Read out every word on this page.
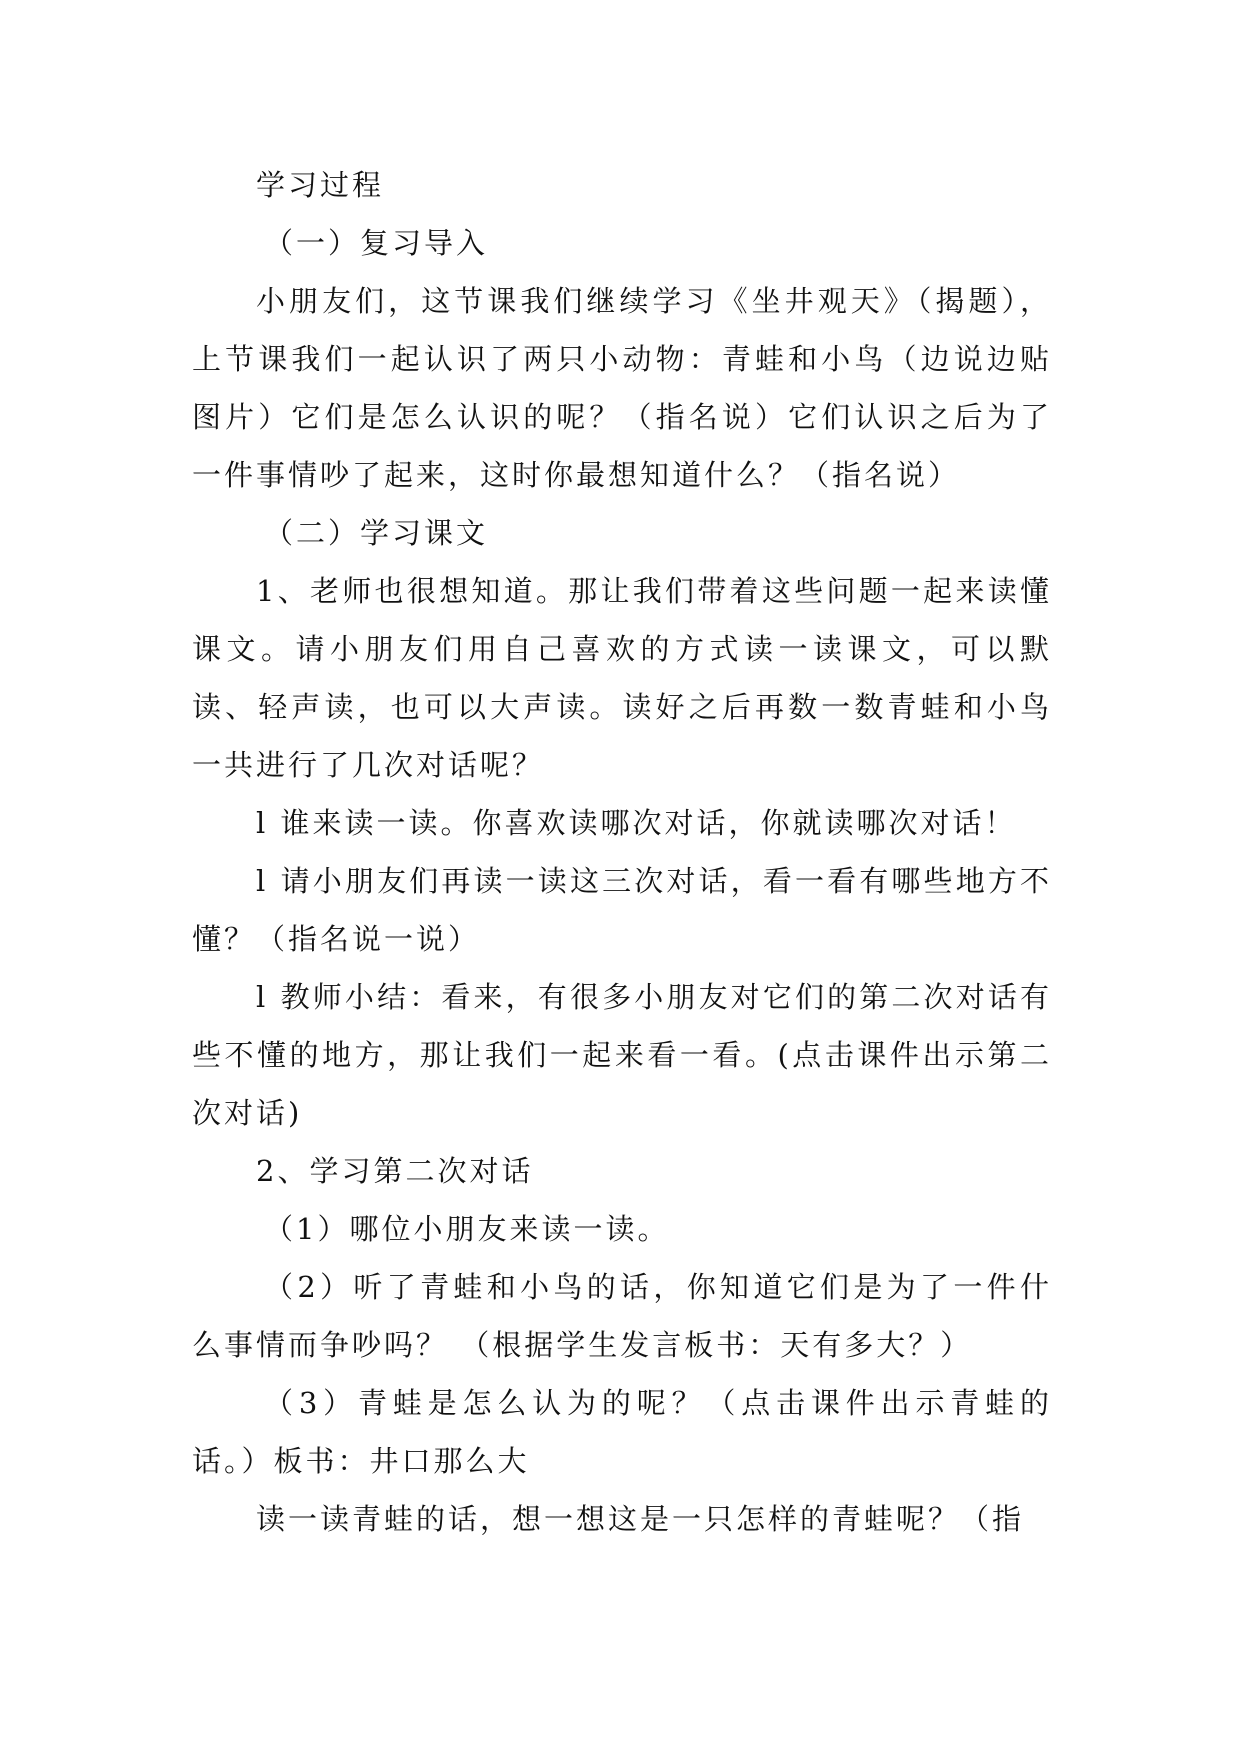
学习过程

（一）复习导入

小朋友们，这节课我们继续学习《坐井观天》（揭题），上节课我们一起认识了两只小动物：青蛙和小鸟（边说边贴图片）它们是怎么认识的呢？（指名说）它们认识之后为了一件事情吵了起来，这时你最想知道什么？（指名说）

（二）学习课文

1、老师也很想知道。那让我们带着这些问题一起来读懂课文。请小朋友们用自己喜欢的方式读一读课文，可以默读、轻声读，也可以大声读。读好之后再数一数青蛙和小鸟一共进行了几次对话呢？

l 谁来读一读。你喜欢读哪次对话，你就读哪次对话！

l 请小朋友们再读一读这三次对话，看一看有哪些地方不懂？（指名说一说）

l 教师小结：看来，有很多小朋友对它们的第二次对话有些不懂的地方，那让我们一起来看一看。(点击课件出示第二次对话)

2、学习第二次对话

（1）哪位小朋友来读一读。

（2）听了青蛙和小鸟的话，你知道它们是为了一件什么事情而争吵吗？ （根据学生发言板书：天有多大？）

（3）青蛙是怎么认为的呢？（点击课件出示青蛙的话。）板书：井口那么大

读一读青蛙的话，想一想这是一只怎样的青蛙呢？（指
